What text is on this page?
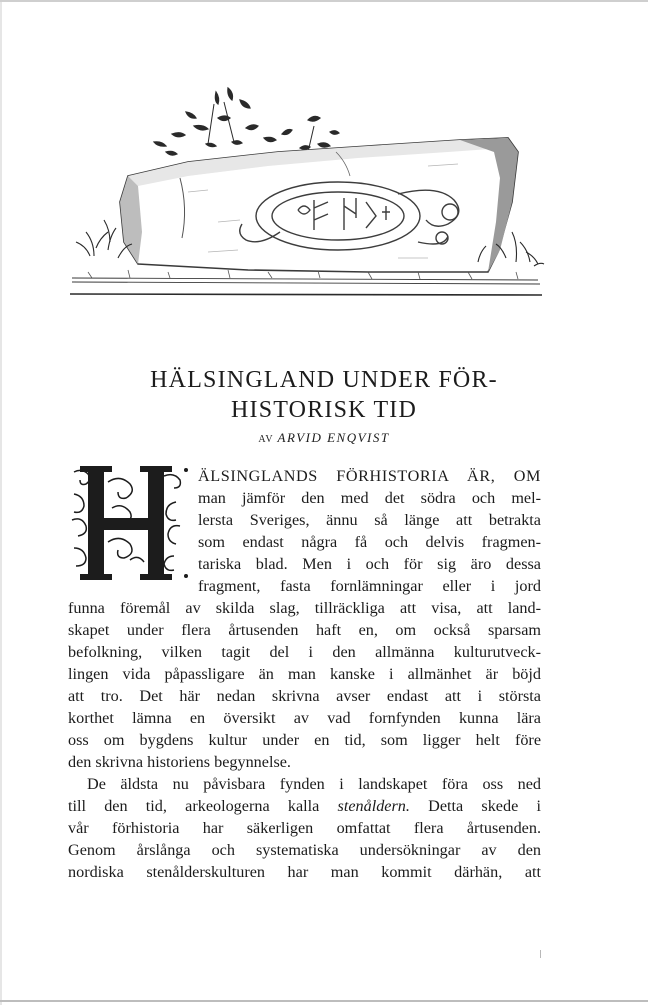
HÄLSINGLAND UNDER FÖR-
HISTORISK TID
AV ARVID ENQVIST
H

ÄLSINGLANDS FÖRHISTORIA ÄR, OM

man jämför den med det södra och mel-

lersta Sveriges, ännu så länge att betrakta

som endast några få och delvis fragmen-

tariska blad. Men i och för sig äro dessa

fragment, fasta fornlämningar eller i jord

funna föremål av skilda slag, tillräckliga att visa, att land-

skapet under flera årtusenden haft en, om också sparsam

befolkning, vilken tagit del i den allmänna kulturutveck-

lingen vida påpassligare än man kanske i allmänhet är böjd

att tro. Det här nedan skrivna avser endast att i största

korthet lämna en översikt av vad fornfynden kunna lära

oss om bygdens kultur under en tid, som ligger helt före

den skrivna historiens begynnelse.

De äldsta nu påvisbara fynden i landskapet föra oss ned

till den tid, arkeologerna kalla stenåldern. Detta skede i

vår förhistoria har säkerligen omfattat flera årtusenden.

Genom årslånga och systematiska undersökningar av den

nordiska stenålderskulturen har man kommit därhän, att
